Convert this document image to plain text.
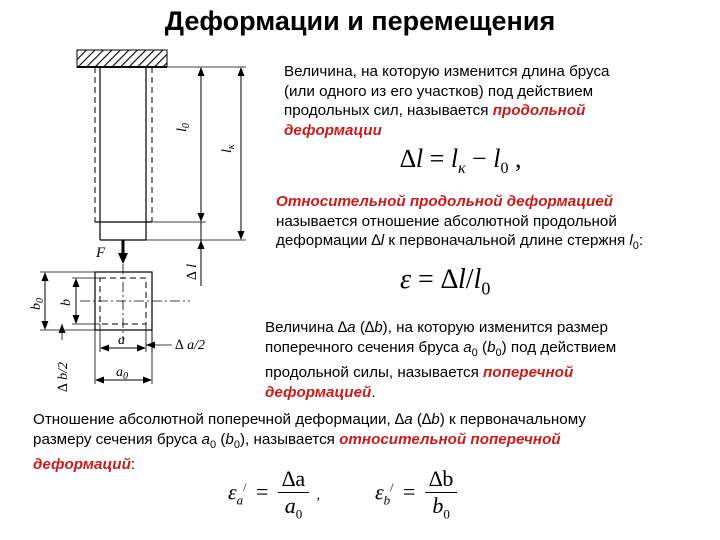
Деформации и перемещения
$l_0$
$l_к$
F
∆ l
$b_0$ b
a	∆ a/2
∆ b/2	$a_0$
Величина, на которую изменится длина бруса
(или одного из его участков) под действием
продольных сил, называется продольной
деформации
$\Delta l = l_к - l_0$ ,
Относительной продольной деформацией
называется отношение абсолютной продольной
деформации ∆l к первоначальной длине стержня $l_0$:
$\varepsilon = \Delta l/l_0$
Величина ∆a (∆b), на которую изменится размер
поперечного сечения бруса $a_0$ $(b_0)$ под действием
продольной силы, называется поперечной
деформацией.
Отношение абсолютной поперечной деформации, ∆a (∆b) к первоначальному
размеру сечения бруса $a_0$ $(b_0)$, называется относительной поперечной
деформаций:
$\varepsilon_a^/ = \frac{\Delta a}{a_0}$ , $\varepsilon_b^/ = \frac{\Delta b}{b_0}$
